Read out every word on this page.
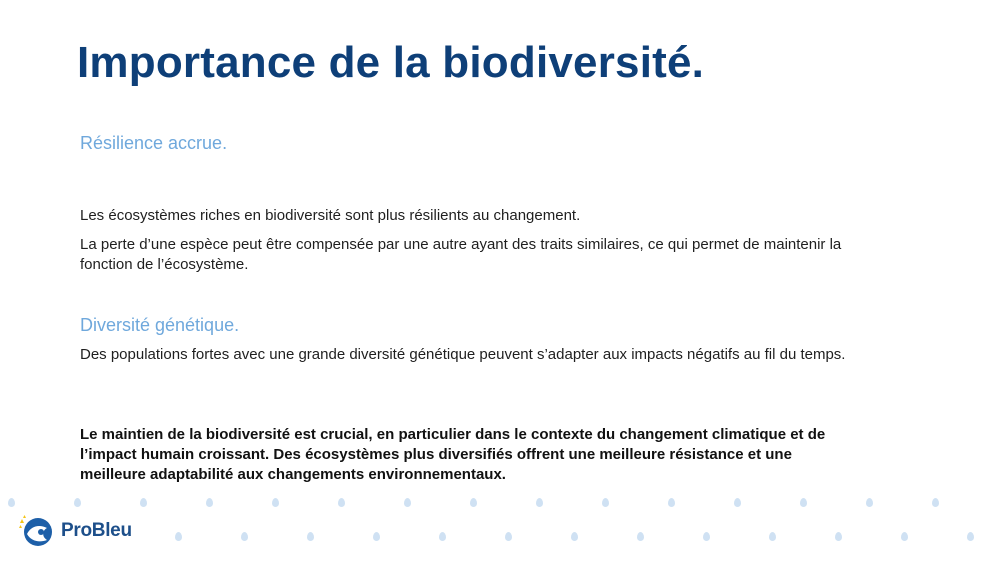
Importance de la biodiversité.
Résilience accrue.

Les écosystèmes riches en biodiversité sont plus résilients au changement.

La perte d’une espèce peut être compensée par une autre ayant des traits similaires, ce qui permet de maintenir la fonction de l’écosystème.

Diversité génétique.

Des populations fortes avec une grande diversité génétique peuvent s’adapter aux impacts négatifs au fil du temps.

Le maintien de la biodiversité est crucial, en particulier dans le contexte du changement climatique et de l’impact humain croissant. Des écosystèmes plus diversifiés offrent une meilleure résistance et une meilleure adaptabilité aux changements environnementaux.

ProBleu
